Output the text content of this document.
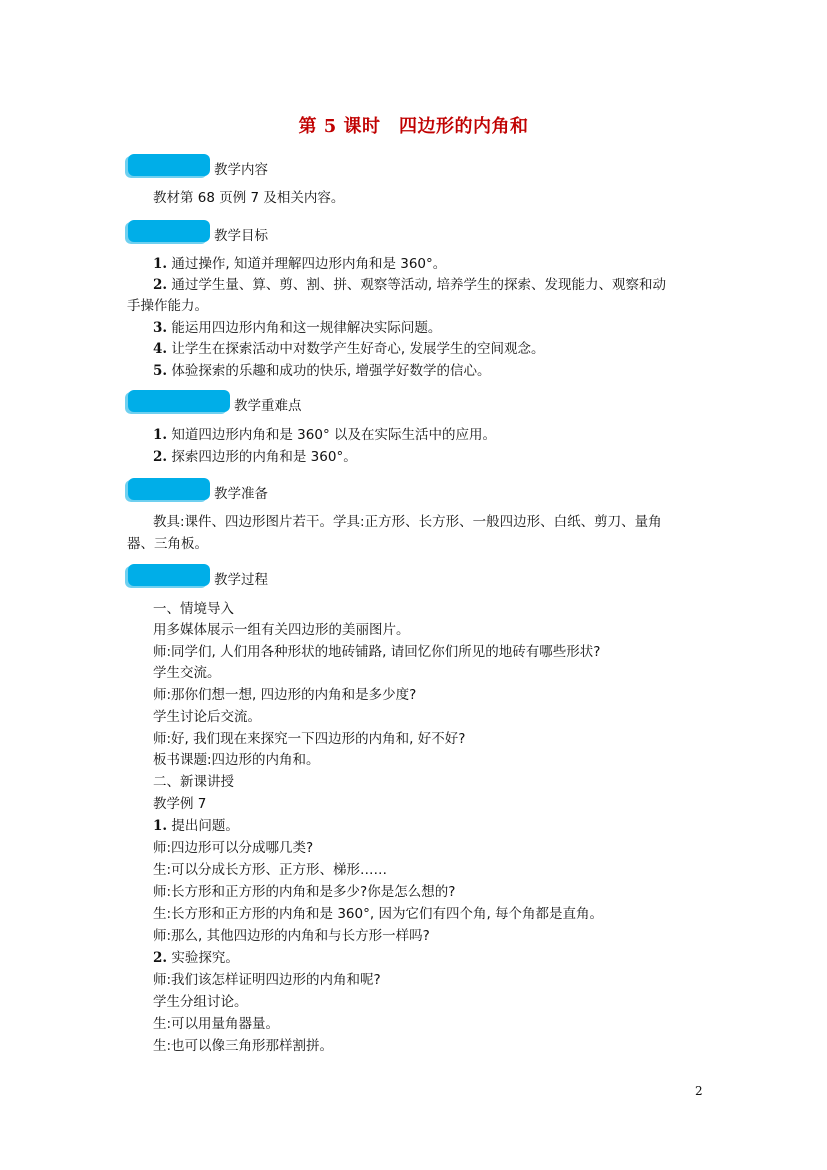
第 5 课时　四边形的内角和
教学内容
教材第 68 页例 7 及相关内容。
教学目标
1. 通过操作, 知道并理解四边形内角和是 360°。
2. 通过学生量、算、剪、割、拼、观察等活动, 培养学生的探索、发现能力、观察和动
手操作能力。
3. 能运用四边形内角和这一规律解决实际问题。
4. 让学生在探索活动中对数学产生好奇心, 发展学生的空间观念。
5. 体验探索的乐趣和成功的快乐, 增强学好数学的信心。
教学重难点
1. 知道四边形内角和是 360° 以及在实际生活中的应用。
2. 探索四边形的内角和是 360°。
教学准备
教具:课件、四边形图片若干。学具:正方形、长方形、一般四边形、白纸、剪刀、量角
器、三角板。
教学过程
一、情境导入
用多媒体展示一组有关四边形的美丽图片。
师:同学们, 人们用各种形状的地砖铺路, 请回忆你们所见的地砖有哪些形状?
学生交流。
师:那你们想一想, 四边形的内角和是多少度?
学生讨论后交流。
师:好, 我们现在来探究一下四边形的内角和, 好不好?
板书课题:四边形的内角和。
二、新课讲授
教学例 7
1. 提出问题。
师:四边形可以分成哪几类?
生:可以分成长方形、正方形、梯形……
师:长方形和正方形的内角和是多少?你是怎么想的?
生:长方形和正方形的内角和是 360°, 因为它们有四个角, 每个角都是直角。
师:那么, 其他四边形的内角和与长方形一样吗?
2. 实验探究。
师:我们该怎样证明四边形的内角和呢?
学生分组讨论。
生:可以用量角器量。
生:也可以像三角形那样割拼。
2
